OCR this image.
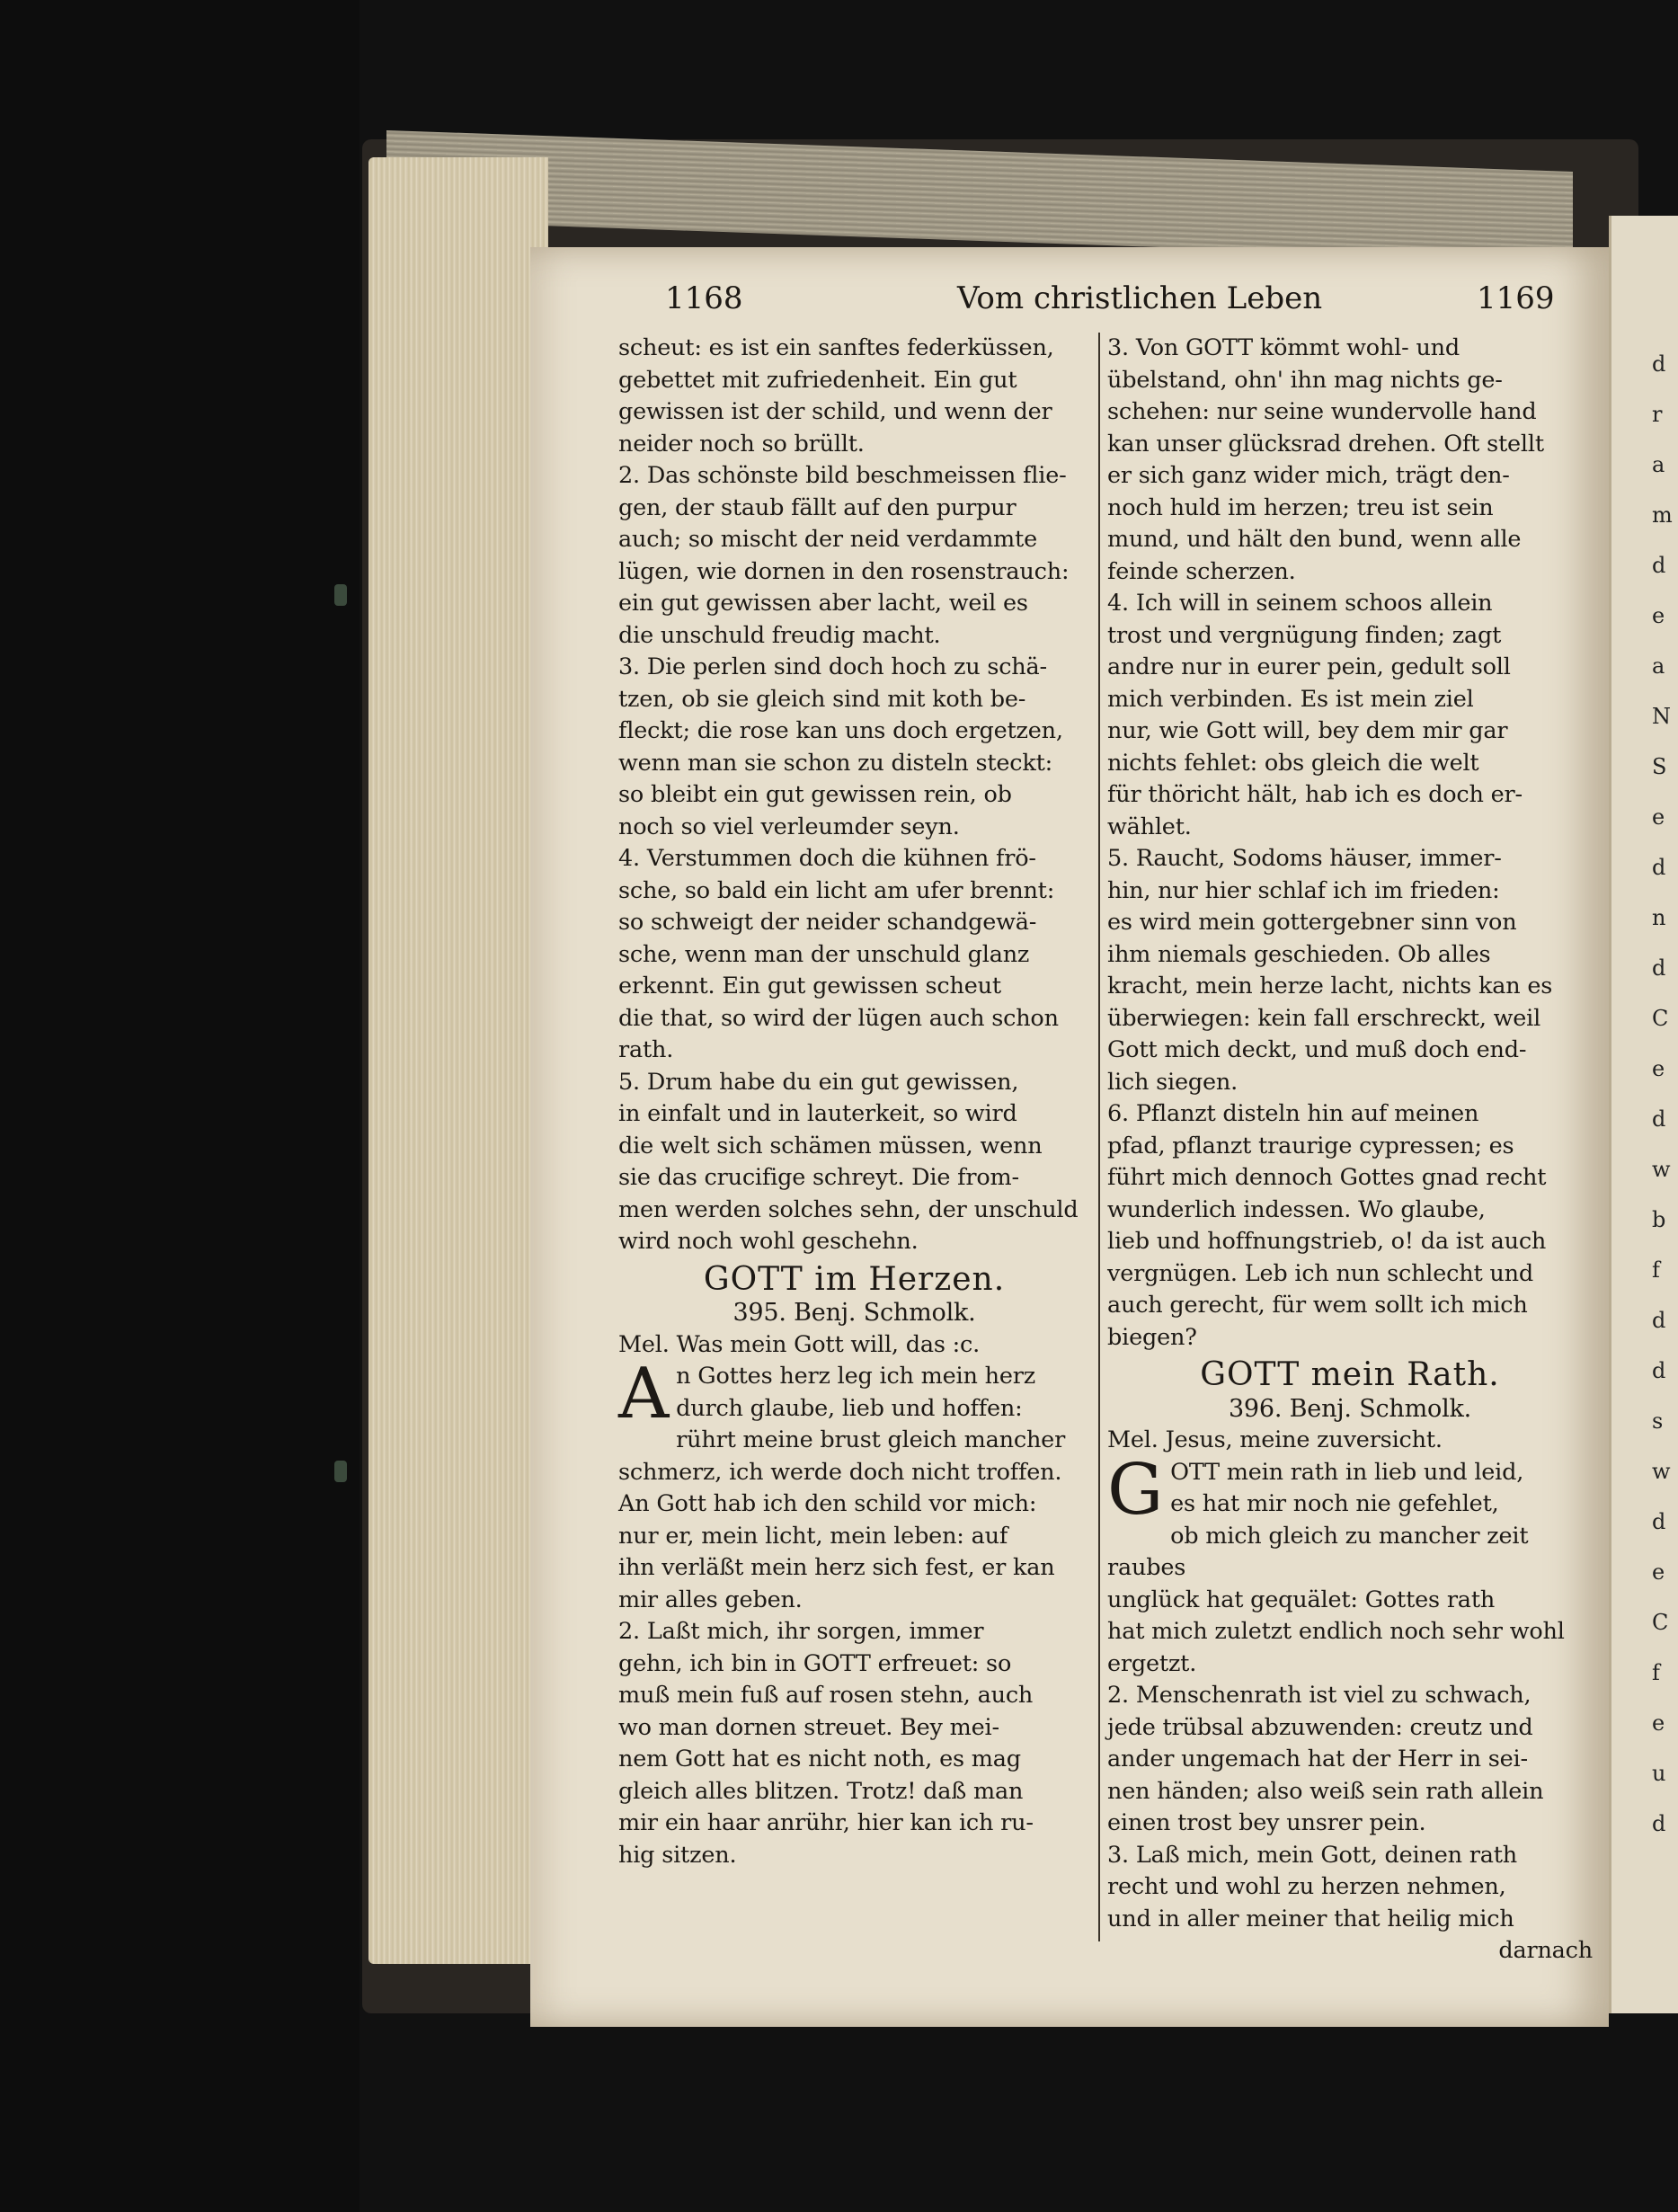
1168	Vom christlichen Leben	1169

scheut: es ist ein sanftes federküssen,

gebettet mit zufriedenheit. Ein gut

gewissen ist der schild, und wenn der

neider noch so brüllt.

2. Das schönste bild beschmeissen flie-

gen, der staub fällt auf den purpur

auch; so mischt der neid verdammte

lügen, wie dornen in den rosenstrauch:

ein gut gewissen aber lacht, weil es

die unschuld freudig macht.

3. Die perlen sind doch hoch zu schä-

tzen, ob sie gleich sind mit koth be-

fleckt; die rose kan uns doch ergetzen,

wenn man sie schon zu disteln steckt:

so bleibt ein gut gewissen rein, ob

noch so viel verleumder seyn.

4. Verstummen doch die kühnen frö-

sche, so bald ein licht am ufer brennt:

so schweigt der neider schandgewä-

sche, wenn man der unschuld glanz

erkennt. Ein gut gewissen scheut

die that, so wird der lügen auch schon

rath.

5. Drum habe du ein gut gewissen,

in einfalt und in lauterkeit, so wird

die welt sich schämen müssen, wenn

sie das crucifige schreyt. Die from-

men werden solches sehn, der unschuld

wird noch wohl geschehn.

GOTT im Herzen.
395. Benj. Schmolk.
Mel. Was mein Gott will, das :c.
A n Gottes herz leg ich mein herz

durch glaube, lieb und hoffen:

rührt meine brust gleich mancher

schmerz, ich werde doch nicht troffen.

An Gott hab ich den schild vor mich:

nur er, mein licht, mein leben: auf

ihn verläßt mein herz sich fest, er kan

mir alles geben.

2. Laßt mich, ihr sorgen, immer

gehn, ich bin in GOTT erfreuet: so

muß mein fuß auf rosen stehn, auch

wo man dornen streuet. Bey mei-

nem Gott hat es nicht noth, es mag

gleich alles blitzen. Trotz! daß man

mir ein haar anrühr, hier kan ich ru-

hig sitzen.

3. Von GOTT kömmt wohl- und

übelstand, ohn' ihn mag nichts ge-

schehen: nur seine wundervolle hand

kan unser glücksrad drehen. Oft stellt

er sich ganz wider mich, trägt den-

noch huld im herzen; treu ist sein

mund, und hält den bund, wenn alle

feinde scherzen.

4. Ich will in seinem schoos allein

trost und vergnügung finden; zagt

andre nur in eurer pein, gedult soll

mich verbinden. Es ist mein ziel

nur, wie Gott will, bey dem mir gar

nichts fehlet: obs gleich die welt

für thöricht hält, hab ich es doch er-

wählet.

5. Raucht, Sodoms häuser, immer-

hin, nur hier schlaf ich im frieden:

es wird mein gottergebner sinn von

ihm niemals geschieden. Ob alles

kracht, mein herze lacht, nichts kan es

überwiegen: kein fall erschreckt, weil

Gott mich deckt, und muß doch end-

lich siegen.

6. Pflanzt disteln hin auf meinen

pfad, pflanzt traurige cypressen; es

führt mich dennoch Gottes gnad recht

wunderlich indessen. Wo glaube,

lieb und hoffnungstrieb, o! da ist auch

vergnügen. Leb ich nun schlecht und

auch gerecht, für wem sollt ich mich

biegen?

GOTT mein Rath.
396. Benj. Schmolk.
Mel. Jesus, meine zuversicht.
G OTT mein rath in lieb und leid,

es hat mir noch nie gefehlet,

ob mich gleich zu mancher zeit raubes

unglück hat gequälet: Gottes rath

hat mich zuletzt endlich noch sehr wohl

ergetzt.

2. Menschenrath ist viel zu schwach,

jede trübsal abzuwenden: creutz und

ander ungemach hat der Herr in sei-

nen händen; also weiß sein rath allein

einen trost bey unsrer pein.

3. Laß mich, mein Gott, deinen rath

recht und wohl zu herzen nehmen,

und in aller meiner that heilig mich

darnach

d

r

a

m

d

e

a

N

S

e

d

n

d

C

e

d

w

b

f

d

d

s

w

d

e

C

f

e

u

d
